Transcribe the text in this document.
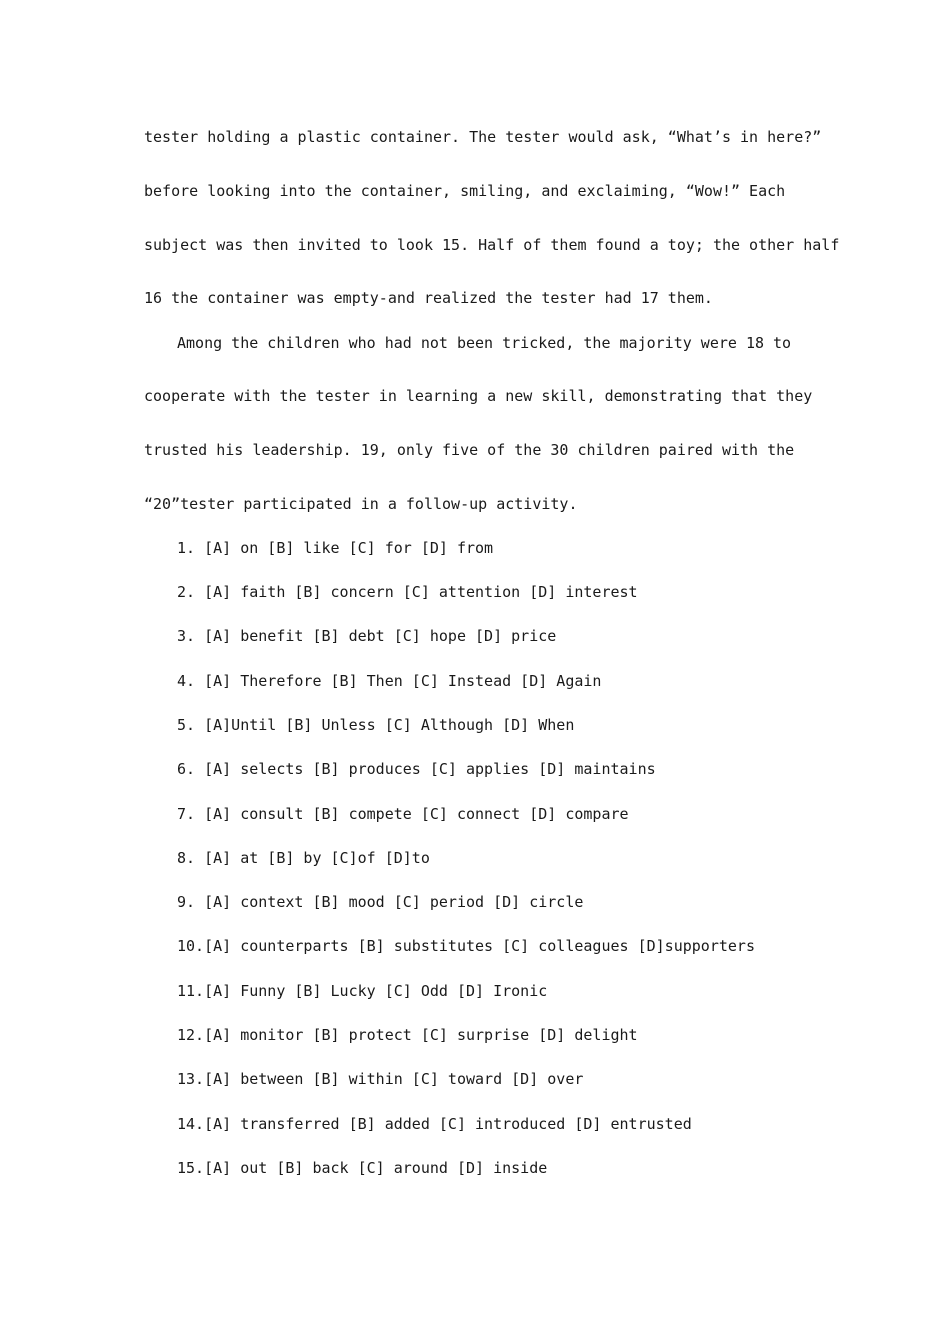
tester holding a plastic container. The tester would ask, “What’s in here?”
before looking into the container, smiling, and exclaiming, “Wow!” Each
subject was then invited to look 15. Half of them found a toy; the other half
16 the container was empty-and realized the tester had 17 them.
Among the children who had not been tricked, the majority were 18 to
cooperate with the tester in learning a new skill, demonstrating that they
trusted his leadership. 19, only five of the 30 children paired with the
“20”tester participated in a follow-up activity.
1. [A] on [B] like [C] for [D] from
2. [A] faith [B] concern [C] attention [D] interest
3. [A] benefit [B] debt [C] hope [D] price
4. [A] Therefore [B] Then [C] Instead [D] Again
5. [A]Until [B] Unless [C] Although [D] When
6. [A] selects [B] produces [C] applies [D] maintains
7. [A] consult [B] compete [C] connect [D] compare
8. [A] at [B] by [C]of [D]to
9. [A] context [B] mood [C] period [D] circle
10.[A] counterparts [B] substitutes [C] colleagues [D]supporters
11.[A] Funny [B] Lucky [C] Odd [D] Ironic
12.[A] monitor [B] protect [C] surprise [D] delight
13.[A] between [B] within [C] toward [D] over
14.[A] transferred [B] added [C] introduced [D] entrusted
15.[A] out [B] back [C] around [D] inside
